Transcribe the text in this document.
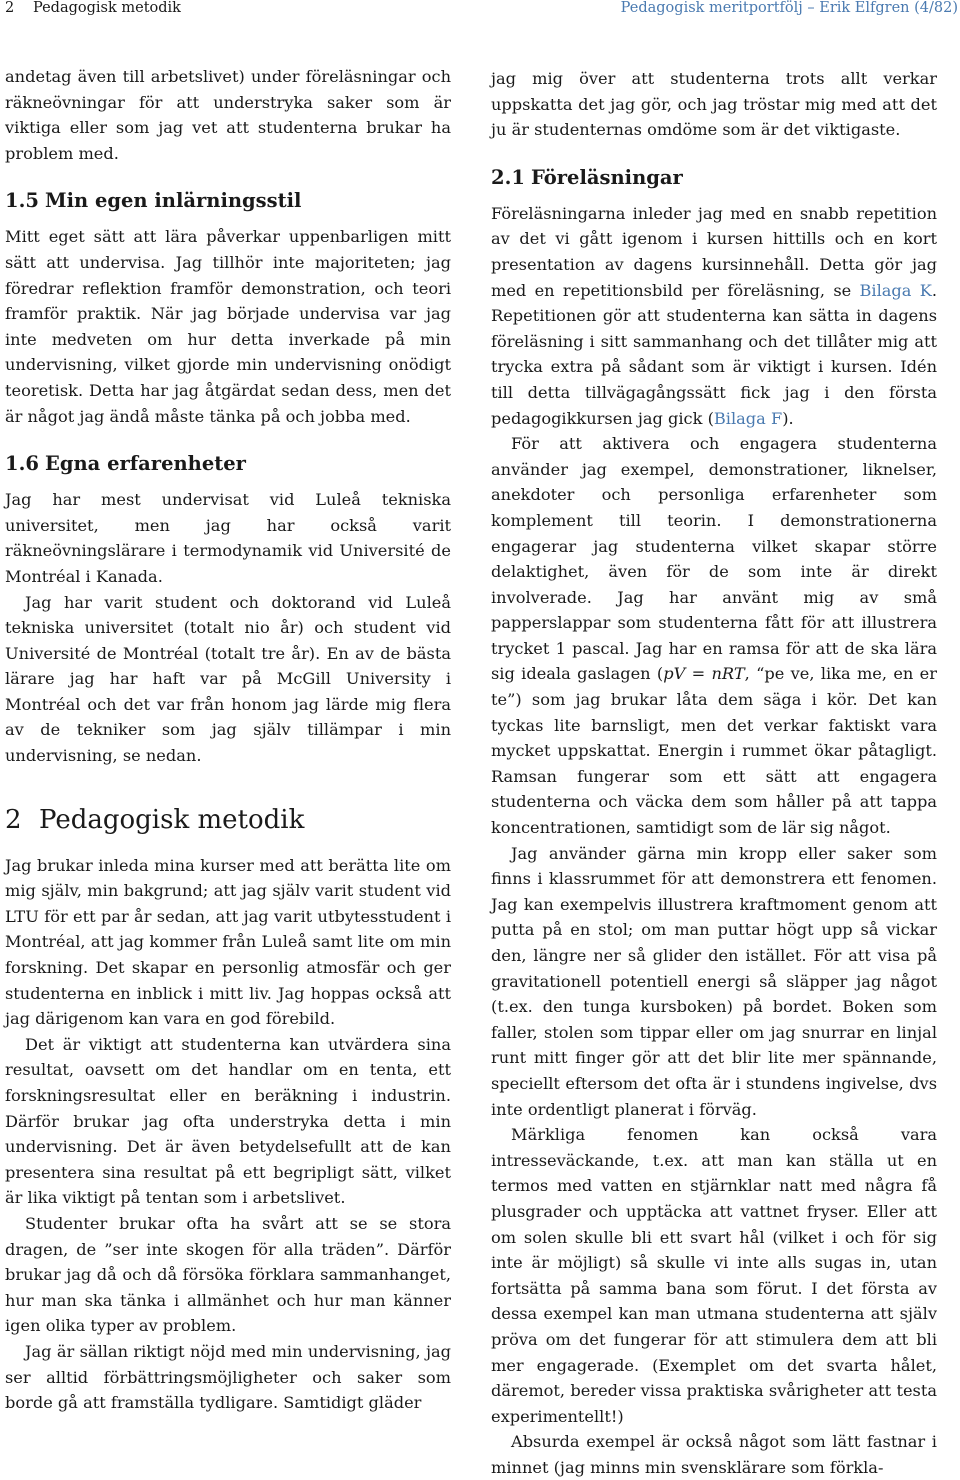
2 Pedagogisk metodik	Pedagogisk meritportfölj – Erik Elfgren (4/82)

andetag även till arbetslivet) under föreläsningar och räkneövningar för att understryka saker som är viktiga eller som jag vet att studenterna brukar ha problem med.

1.5 Min egen inlärningsstil

Mitt eget sätt att lära påverkar uppenbarligen mitt sätt att undervisa. Jag tillhör inte majoriteten; jag föredrar reflektion framför demonstration, och teori framför praktik. När jag började undervisa var jag inte medveten om hur detta inverkade på min undervisning, vilket gjorde min undervisning onödigt teoretisk. Detta har jag åtgärdat sedan dess, men det är något jag ändå måste tänka på och jobba med.

1.6 Egna erfarenheter

Jag har mest undervisat vid Luleå tekniska universitet, men jag har också varit räkneövningslärare i termodynamik vid Université de Montréal i Kanada.

Jag har varit student och doktorand vid Luleå tekniska universitet (totalt nio år) och student vid Université de Montréal (totalt tre år). En av de bästa lärare jag har haft var på McGill University i Montréal och det var från honom jag lärde mig flera av de tekniker som jag själv tillämpar i min undervisning, se nedan.

2 Pedagogisk metodik

Jag brukar inleda mina kurser med att berätta lite om mig själv, min bakgrund; att jag själv varit student vid LTU för ett par år sedan, att jag varit utbytesstudent i Montréal, att jag kommer från Luleå samt lite om min forskning. Det skapar en personlig atmosfär och ger studenterna en inblick i mitt liv. Jag hoppas också att jag därigenom kan vara en god förebild.

Det är viktigt att studenterna kan utvärdera sina resultat, oavsett om det handlar om en tenta, ett forskningsresultat eller en beräkning i industrin. Därför brukar jag ofta understryka detta i min undervisning. Det är även betydelsefullt att de kan presentera sina resultat på ett begripligt sätt, vilket är lika viktigt på tentan som i arbetslivet.

Studenter brukar ofta ha svårt att se se stora dragen, de ”ser inte skogen för alla träden”. Därför brukar jag då och då försöka förklara sammanhanget, hur man ska tänka i allmänhet och hur man känner igen olika typer av problem.

Jag är sällan riktigt nöjd med min undervisning, jag ser alltid förbättringsmöjligheter och saker som borde gå att framställa tydligare. Samtidigt gläder

jag mig över att studenterna trots allt verkar uppskatta det jag gör, och jag tröstar mig med att det ju är studenternas omdöme som är det viktigaste.

2.1 Föreläsningar

Föreläsningarna inleder jag med en snabb repetition av det vi gått igenom i kursen hittills och en kort presentation av dagens kursinnehåll. Detta gör jag med en repetitionsbild per föreläsning, se Bilaga K. Repetitionen gör att studenterna kan sätta in dagens föreläsning i sitt sammanhang och det tillåter mig att trycka extra på sådant som är viktigt i kursen. Idén till detta tillvägagångssätt fick jag i den första pedagogikkursen jag gick (Bilaga F).

För att aktivera och engagera studenterna använder jag exempel, demonstrationer, liknelser, anekdoter och personliga erfarenheter som komplement till teorin. I demonstrationerna engagerar jag studenterna vilket skapar större delaktighet, även för de som inte är direkt involverade. Jag har använt mig av små papperslappar som studenterna fått för att illustrera trycket 1 pascal. Jag har en ramsa för att de ska lära sig ideala gaslagen (pV = nRT, “pe ve, lika me, en er te”) som jag brukar låta dem säga i kör. Det kan tyckas lite barnsligt, men det verkar faktiskt vara mycket uppskattat. Energin i rummet ökar påtagligt. Ramsan fungerar som ett sätt att engagera studenterna och väcka dem som håller på att tappa koncentrationen, samtidigt som de lär sig något.

Jag använder gärna min kropp eller saker som finns i klassrummet för att demonstrera ett fenomen. Jag kan exempelvis illustrera kraftmoment genom att putta på en stol; om man puttar högt upp så vickar den, längre ner så glider den istället. För att visa på gravitationell potentiell energi så släpper jag något (t.ex. den tunga kursboken) på bordet. Boken som faller, stolen som tippar eller om jag snurrar en linjal runt mitt finger gör att det blir lite mer spännande, speciellt eftersom det ofta är i stundens ingivelse, dvs inte ordentligt planerat i förväg.

Märkliga fenomen kan också vara intresseväckande, t.ex. att man kan ställa ut en termos med vatten en stjärnklar natt med några få plusgrader och upptäcka att vattnet fryser. Eller att om solen skulle bli ett svart hål (vilket i och för sig inte är möjligt) så skulle vi inte alls sugas in, utan fortsätta på samma bana som förut. I det första av dessa exempel kan man utmana studenterna att själv pröva om det fungerar för att stimulera dem att bli mer engagerade. (Exemplet om det svarta hålet, däremot, bereder vissa praktiska svårigheter att testa experimentellt!)

Absurda exempel är också något som lätt fastnar i minnet (jag minns min svensklärare som förkla-
